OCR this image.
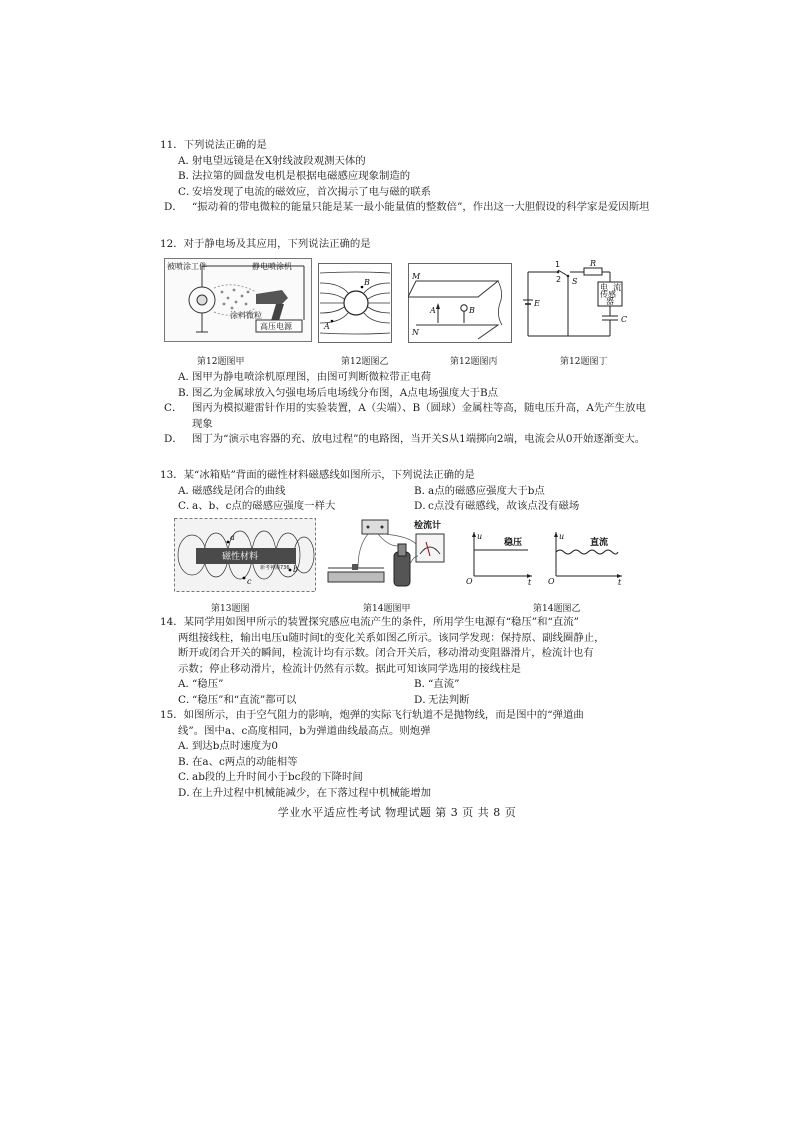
11．下列说法正确的是
A．射电望远镜是在X射线波段观测天体的
B．法拉第的圆盘发电机是根据电磁感应现象制造的
C．安培发现了电流的磁效应，首次揭示了电与磁的联系
D． “振动着的带电微粒的能量只能是某一最小能量值的整数倍”，作出这一大胆假设的科学家是爱因斯坦
12．对于静电场及其应用，下列说法正确的是
被喷涂工件	静电喷涂机
涂料微粒
高压电源
B
A
M
N
A	B
1
2 S
R
E
C
电 流
传感
器
第12题图甲	第12题图乙	第12题图丙	第12题图丁
A．图甲为静电喷涂机原理图，由图可判断微粒带正电荷
B．图乙为金属球放入匀强电场后电场线分布图，A点电场强度大于B点
C． 图丙为模拟避雷针作用的实验装置，A（尖端）、B（圆球）金属柱等高，随电压升高，A先产生放电现象
D． 图丁为“演示电容器的充、放电过程”的电路图，当开关S从1端掷向2端，电流会从0开始逐渐变大。
13．某“冰箱贴”背面的磁性材料磁感线如图所示，下列说法正确的是
A．磁感线是闭合的曲线	B．a点的磁感应强度大于b点
C．a、b、c点的磁感应强度一样大	D．c点没有磁感线，故该点没有磁场
a
b
c
磁性材料
新考神墙736
检流计
u
O	t
稳压
u
O	t
直流
第13题图	第14题图甲	第14题图乙
14．某同学用如图甲所示的装置探究感应电流产生的条件，所用学生电源有“稳压”和“直流”
两组接线柱，输出电压u随时间t的变化关系如图乙所示。该同学发现：保持原、副线圈静止，
断开或闭合开关的瞬间，检流计均有示数。闭合开关后，移动滑动变阻器滑片，检流计也有
示数；停止移动滑片，检流计仍然有示数。据此可知该同学选用的接线柱是
A．“稳压”	B．“直流”
C．“稳压”和“直流”都可以	D．无法判断
15．如图所示，由于空气阻力的影响，炮弹的实际飞行轨道不是抛物线，而是图中的“弹道曲
线”。图中a、c高度相同，b为弹道曲线最高点。则炮弹
A．到达b点时速度为0
B．在a、c两点的动能相等
C．ab段的上升时间小于bc段的下降时间
D．在上升过程中机械能减少，在下落过程中机械能增加
学业水平适应性考试 物理试题 第 3 页 共 8 页
